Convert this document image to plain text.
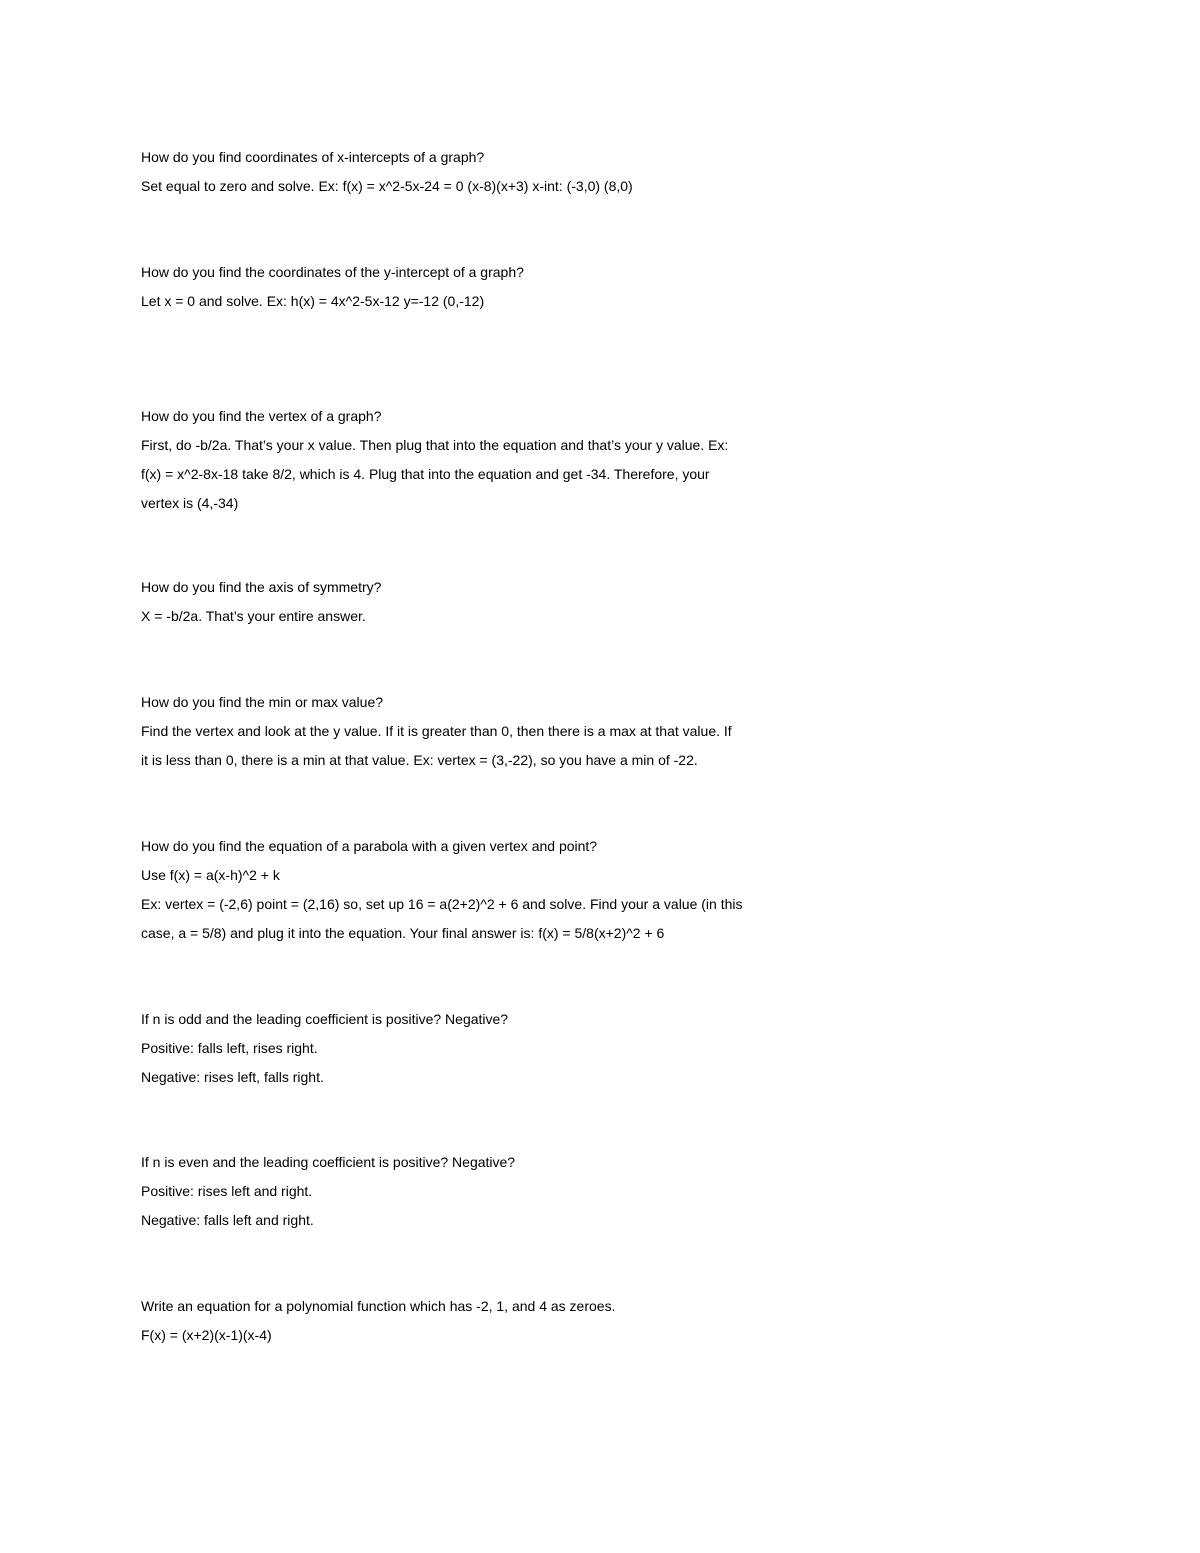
How do you find coordinates of x-intercepts of a graph?
Set equal to zero and solve. Ex: f(x) = x^2-5x-24 = 0 (x-8)(x+3) x-int: (-3,0) (8,0)
How do you find the coordinates of the y-intercept of a graph?
Let x = 0 and solve. Ex: h(x) = 4x^2-5x-12 y=-12 (0,-12)
How do you find the vertex of a graph?
First, do -b/2a. That’s your x value. Then plug that into the equation and that’s your y value. Ex:
f(x) = x^2-8x-18 take 8/2, which is 4. Plug that into the equation and get -34. Therefore, your
vertex is (4,-34)
How do you find the axis of symmetry?
X = -b/2a. That’s your entire answer.
How do you find the min or max value?
Find the vertex and look at the y value. If it is greater than 0, then there is a max at that value. If
it is less than 0, there is a min at that value. Ex: vertex = (3,-22), so you have a min of -22.
How do you find the equation of a parabola with a given vertex and point?
Use f(x) = a(x-h)^2 + k
Ex: vertex = (-2,6) point = (2,16) so, set up 16 = a(2+2)^2 + 6 and solve. Find your a value (in this
case, a = 5/8) and plug it into the equation. Your final answer is: f(x) = 5/8(x+2)^2 + 6
If n is odd and the leading coefficient is positive? Negative?
Positive: falls left, rises right.
Negative: rises left, falls right.
If n is even and the leading coefficient is positive? Negative?
Positive: rises left and right.
Negative: falls left and right.
Write an equation for a polynomial function which has -2, 1, and 4 as zeroes.
F(x) = (x+2)(x-1)(x-4)
